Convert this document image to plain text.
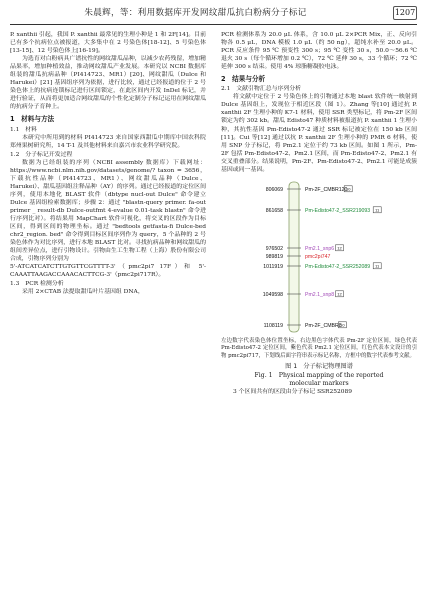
朱晨辉，等：利用数据库开发网纹甜瓜抗白粉病分子标记	1207

P. xanthii 引起，我国 P. xanthii 最常见的生理小种是 1 和 2F[14]。目前已有多个抗病位点被报道，大多集中在 2 号染色体[18-12]、5 号染色体[13-15]、12 号染色体上[16-19]。

为选育对白粉病具广谱抗性的网纹甜瓜品种，以减少农药残留，增加精品果率，增加种植效益，推动网纹甜瓜产业发展。本研究以 NCBI 数据库组装的甜瓜抗病品种（PI414723、MR1）[20]、网纹甜瓜（Dulce 和 Harukei）[21] 基因组序列为依据，进行比较，通过已经报道的位于 2 号染色体上的抗病连锁标记进行区间锁定，在此区间内开发 InDel 标记，并进行验证，从而将更加适合网纹甜瓜的个性化定制分子标记运用在网纹甜瓜的抗病分子育种上。

1　材料与方法
1.1　材料

本研究中所用到的材料 PI414723 来自国家西甜瓜中期库中国农科院郑州果树研究所，14 T-1 及其他材料来自嘉兴市农业科学研究院。

1.2　分子标记开发过程

数据为已经组装的序列（NCBI assembly 数据库）下载网址：https://www.ncbi.nlm.nih.gov/datasets/genome/? taxon = 3656，下载抗性品种（PI414723、MR1）、网纹甜瓜品种（Dulce、Harukei）、甜瓜基因组注释品种（AY）的序列。通过已经报道的定位区间序列，使用本地化 BLAST 软件（dbtype nucl-out Dulce" 命令建立 Dulce 基因组检索数据库；步骤 2：通过 "blastn-query primer. fa-out primer _ result-db Dulce-outfmt 4-evalue 0.01-task blastn" 命令进行序列比对）。将结果用 MapChart 软件可视化，将交叉的区段作为目标区间，得到区间的物理坐标。通过 "bedtools getfasta-fi Dulce-bed chr2_region. bed" 命令得到目标区间序列作为 query，5 个品种的 2 号染色体作为对比序列，进行本地 BLAST 比对。寻找抗病品种和网纹甜瓜的组间差异位点，进行引物设计。引物由生工生物工程（上海）股份有限公司合成，引物序列分别为

5'-ATCATCATCTTGTGTTCGTTTT-3'（pmc2pi7 17F）和 5'-CAAATTAAGACCAAACACTTCG-3'（pmc2pi717R）。

1.3　PCR 检测分析

采用 2×CTAB 法提取甜瓜叶片基因组 DNA，

PCR 检测体系为 20.0 μL 体系，含 10.0 μL 2×PCR Mix，正、反向引物各 0.5 μL，DNA 模板 1.0 μL（约 50 ng），超纯水补至 20.0 μL。PCR 反应条件 95 ℃ 预变性 300 s；95 ℃ 变性 30 s，50.0～56.6 ℃ 退火 30 s（每个循环增加 0.2 ℃），72 ℃ 延伸 30 s，33 个循环；72 ℃ 延伸 300 s 结束。使用 4% 琼脂糖凝胶电泳。

2　结果与分析
2.1　文献引物汇总与序列分析

将文献中定位于 2 号染色体上的引物通过本地 blast 软件统一映射到 Dulce 基因组上，发现位于相近区段（图 1）。Zhang 等[10] 通过抗 P. xanthii 2F 生理小种的 K7-1 材料，使用 SSR 类型标记，将 Pm-2F 区间锁定为约 302 kb。甜瓜 Edisto47 种质材料被报道抗 P. xanthii 1 生理小种，其抗性基因 Pm-Edisto47-2 通过 SSR 标记被定位在 150 kb 区间[11]。Cui 等[12] 通过以抗 P. xanthii 2F 生理小种的 PMR 6 材料，使用 SNP 分子标记，将 Pm2.1 定位于约 73 kb 区间。如图 1 所示，Pm-2F 包括 Pm-Edisto47-2、Pm2.1 区间，而 Pm-Edisto47-2、Pm2.1 有交叉重叠部分。结果说明，Pm-2F、Pm-Edisto47-2、Pm2.1 可能是成簇基因或同一基因。

806069	Pm-2F_CMBR120
10
861658	Pm-Edisto47-2_SSR219093 11
976502	Pm2.1_snp6 12
989819	pmc2pi747
1011919	Pm-Edisto47-2_SSR252089 11
1049598	Pm2.1_snp8 12
1108119	Pm-2F_CMBR8
10
左边数字代表染色体位置坐标，右边黑色字体代表 Pm-2F 定位区间，绿色代表 Pm-Edisto47-2 定位区间，紫色代表 Pm2.1 定位区间，红色代表本文设计的引物 pmc2pi717，下划线后面字符串表示标记名称，方框中的数字代表参考文献。
图 1　分子标记物理图谱
Fig. 1　Physical mapping of the reported
molecular markers

3 个区间共有的区段由分子标记 SSR252089
